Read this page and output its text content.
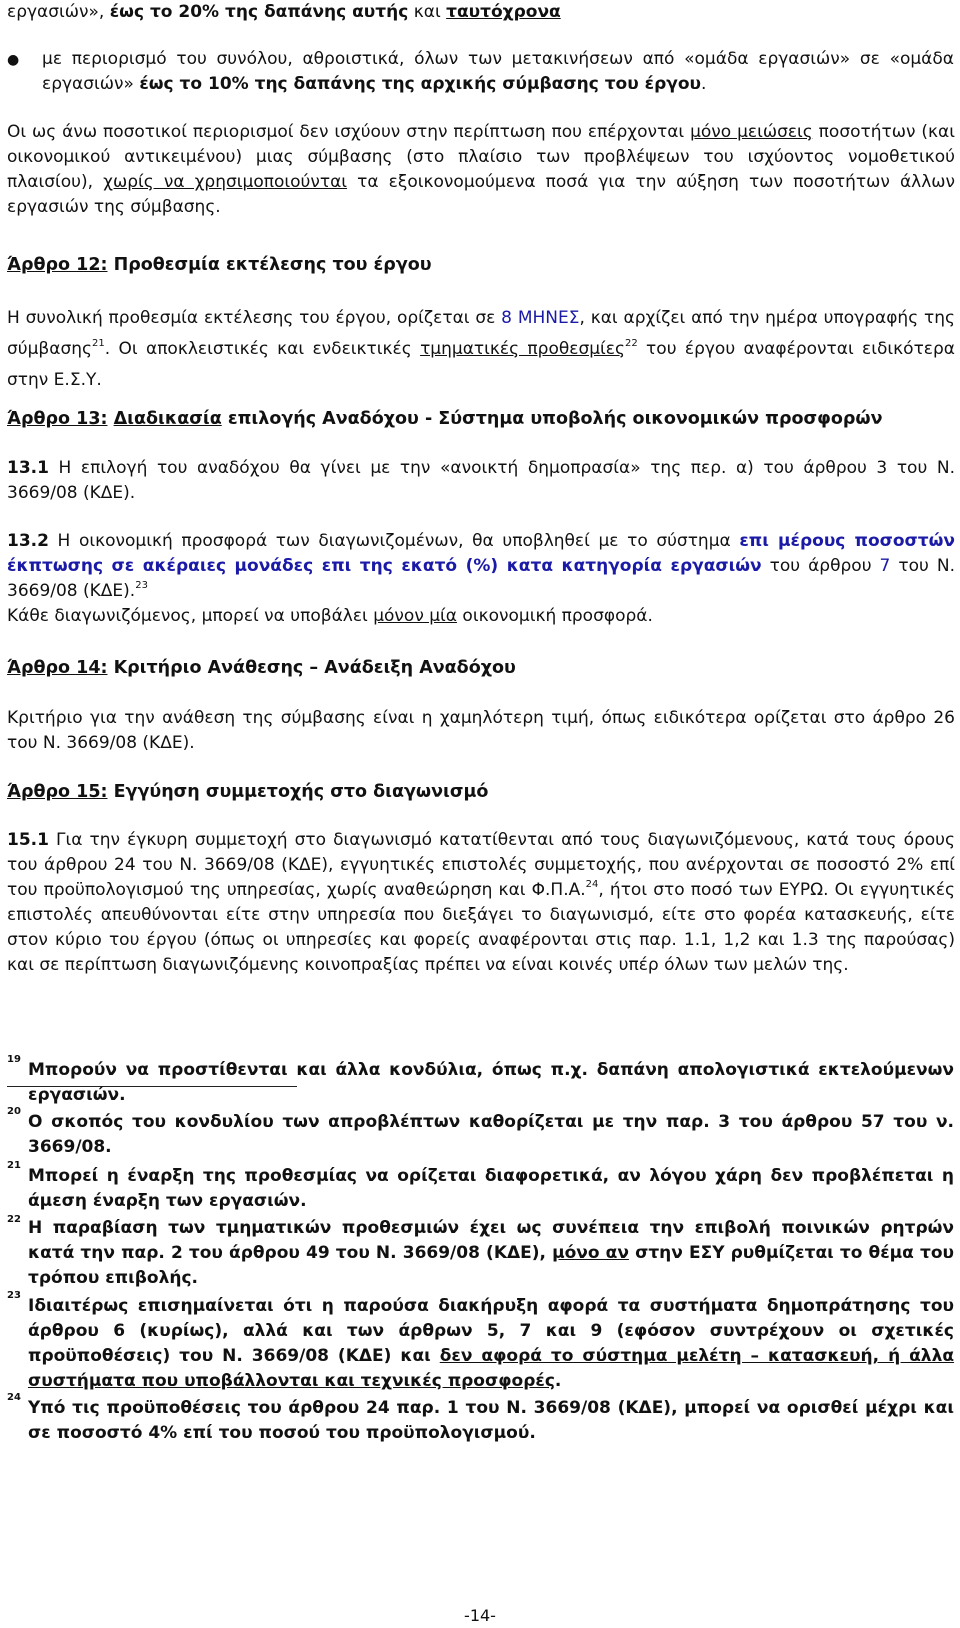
εργασιών», έως το 20% της δαπάνης αυτής και ταυτόχρονα

● με περιορισμό του συνόλου, αθροιστικά, όλων των μετακινήσεων από «ομάδα εργασιών» σε «ομάδα εργασιών» έως το 10% της δαπάνης της αρχικής σύμβασης του έργου.

Οι ως άνω ποσοτικοί περιορισμοί δεν ισχύουν στην περίπτωση που επέρχονται μόνο μειώσεις ποσοτήτων (και οικονομικού αντικειμένου) μιας σύμβασης (στο πλαίσιο των προβλέψεων του ισχύοντος νομοθετικού πλαισίου), χωρίς να χρησιμοποιούνται τα εξοικονομούμενα ποσά για την αύξηση των ποσοτήτων άλλων εργασιών της σύμβασης.

Άρθρο 12: Προθεσμία εκτέλεσης του έργου

Η συνολική προθεσμία εκτέλεσης του έργου, ορίζεται σε 8 ΜΗΝΕΣ, και αρχίζει από την ημέρα υπογραφής της σύμβασης$^{21}$. Οι αποκλειστικές και ενδεικτικές τμηματικές προθεσμίες$^{22}$ του έργου αναφέρονται ειδικότερα στην Ε.Σ.Υ.

Άρθρο 13: Διαδικασία επιλογής Αναδόχου - Σύστημα υποβολής οικονομικών προσφορών

13.1 Η επιλογή του αναδόχου θα γίνει με την «ανοικτή δημοπρασία» της περ. α) του άρθρου 3 του Ν. 3669/08 (ΚΔΕ).

13.2 Η οικονομική προσφορά των διαγωνιζομένων, θα υποβληθεί με το σύστημα επι μέρους ποσοστών έκπτωσης σε ακέραιες μονάδες επι της εκατό (%) κατα κατηγορία εργασιών του άρθρου 7 του Ν. 3669/08 (ΚΔΕ).$^{23}$
Κάθε διαγωνιζόμενος, μπορεί να υποβάλει μόνον μία οικονομική προσφορά.

Άρθρο 14: Κριτήριο Ανάθεσης – Ανάδειξη Αναδόχου

Κριτήριο για την ανάθεση της σύμβασης είναι η χαμηλότερη τιμή, όπως ειδικότερα ορίζεται στο άρθρο 26 του Ν. 3669/08 (ΚΔΕ).

Άρθρο 15: Εγγύηση συμμετοχής στο διαγωνισμό

15.1 Για την έγκυρη συμμετοχή στο διαγωνισμό κατατίθενται από τους διαγωνιζόμενους, κατά τους όρους του άρθρου 24 του Ν. 3669/08 (ΚΔΕ), εγγυητικές επιστολές συμμετοχής, που ανέρχονται σε ποσοστό 2% επί του προϋπολογισμού της υπηρεσίας, χωρίς αναθεώρηση και Φ.Π.Α.$^{24}$, ήτοι στο ποσό των ΕΥΡΩ. Οι εγγυητικές επιστολές απευθύνονται είτε στην υπηρεσία που διεξάγει το διαγωνισμό, είτε στο φορέα κατασκευής, είτε στον κύριο του έργου (όπως οι υπηρεσίες και φορείς αναφέρονται στις παρ. 1.1, 1,2 και 1.3 της παρούσας) και σε περίπτωση διαγωνιζόμενης κοινοπραξίας πρέπει να είναι κοινές υπέρ όλων των μελών της.

19

Μπορούν να προστίθενται και άλλα κονδύλια, όπως π.χ. δαπάνη απολογιστικά εκτελούμενων εργασιών.

20

Ο σκοπός του κονδυλίου των απροβλέπτων καθορίζεται με την παρ. 3 του άρθρου 57 του ν. 3669/08.

21

Μπορεί η έναρξη της προθεσμίας να ορίζεται διαφορετικά, αν λόγου χάρη δεν προβλέπεται η άμεση έναρξη των εργασιών.

22 Η παραβίαση των τμηματικών προθεσμιών έχει ως συνέπεια την επιβολή ποινικών ρητρών κατά την παρ. 2 του άρθρου 49 του Ν. 3669/08 (ΚΔΕ), μόνο αν στην ΕΣΥ ρυθμίζεται το θέμα του τρόπου επιβολής.

23

Ιδιαιτέρως επισημαίνεται ότι η παρούσα διακήρυξη αφορά τα συστήματα δημοπράτησης του άρθρου 6 (κυρίως), αλλά και των άρθρων 5, 7 και 9 (εφόσον συντρέχουν οι σχετικές προϋποθέσεις) του Ν. 3669/08 (ΚΔΕ) και δεν αφορά το σύστημα μελέτη – κατασκευή, ή άλλα συστήματα που υποβάλλονται και τεχνικές προσφορές.

24

Υπό τις προϋποθέσεις του άρθρου 24 παρ. 1 του Ν. 3669/08 (ΚΔΕ), μπορεί να ορισθεί μέχρι και σε ποσοστό 4% επί του ποσού του προϋπολογισμού.

-14-
